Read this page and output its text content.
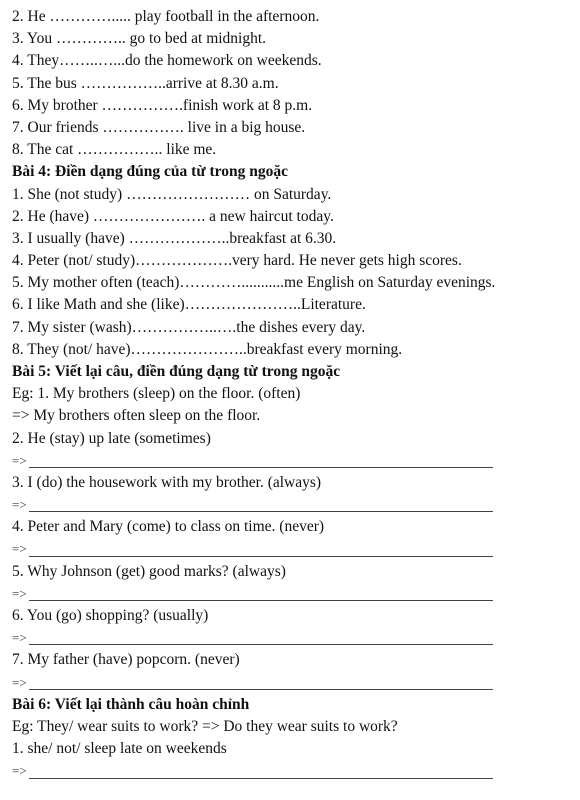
2. He …………..... play football in the afternoon.
3. You ………….. go to bed at midnight.
4. They……..…...do the homework on weekends.
5. The bus ……………..arrive at 8.30 a.m.
6. My brother …………….finish work at 8 p.m.
7. Our friends ……………. live in a big house.
8. The cat …………….. like me.
Bài 4: Điền dạng đúng của từ trong ngoặc
1. She (not study) …………………… on Saturday.
2. He (have) …………………. a new haircut today.
3. I usually (have) ………………..breakfast at 6.30.
4. Peter (not/ study)……………….very hard. He never gets high scores.
5. My mother often (teach)…………...........me English on Saturday evenings.
6. I like Math and she (like)…………………..Literature.
7. My sister (wash)……………..….the dishes every day.
8. They (not/ have)…………………..breakfast every morning.
Bài 5: Viết lại câu, điền đúng dạng từ trong ngoặc
Eg: 1. My brothers (sleep) on the floor. (often)
=> My brothers often sleep on the floor.
2. He (stay) up late (sometimes)
=>
3. I (do) the housework with my brother. (always)
=>
4. Peter and Mary (come) to class on time. (never)
=>
5. Why Johnson (get) good marks? (always)
=>
6. You (go) shopping? (usually)
=>
7. My father (have) popcorn. (never)
=>
Bài 6: Viết lại thành câu hoàn chỉnh
Eg: They/ wear suits to work? => Do they wear suits to work?
1. she/ not/ sleep late on weekends
=>
